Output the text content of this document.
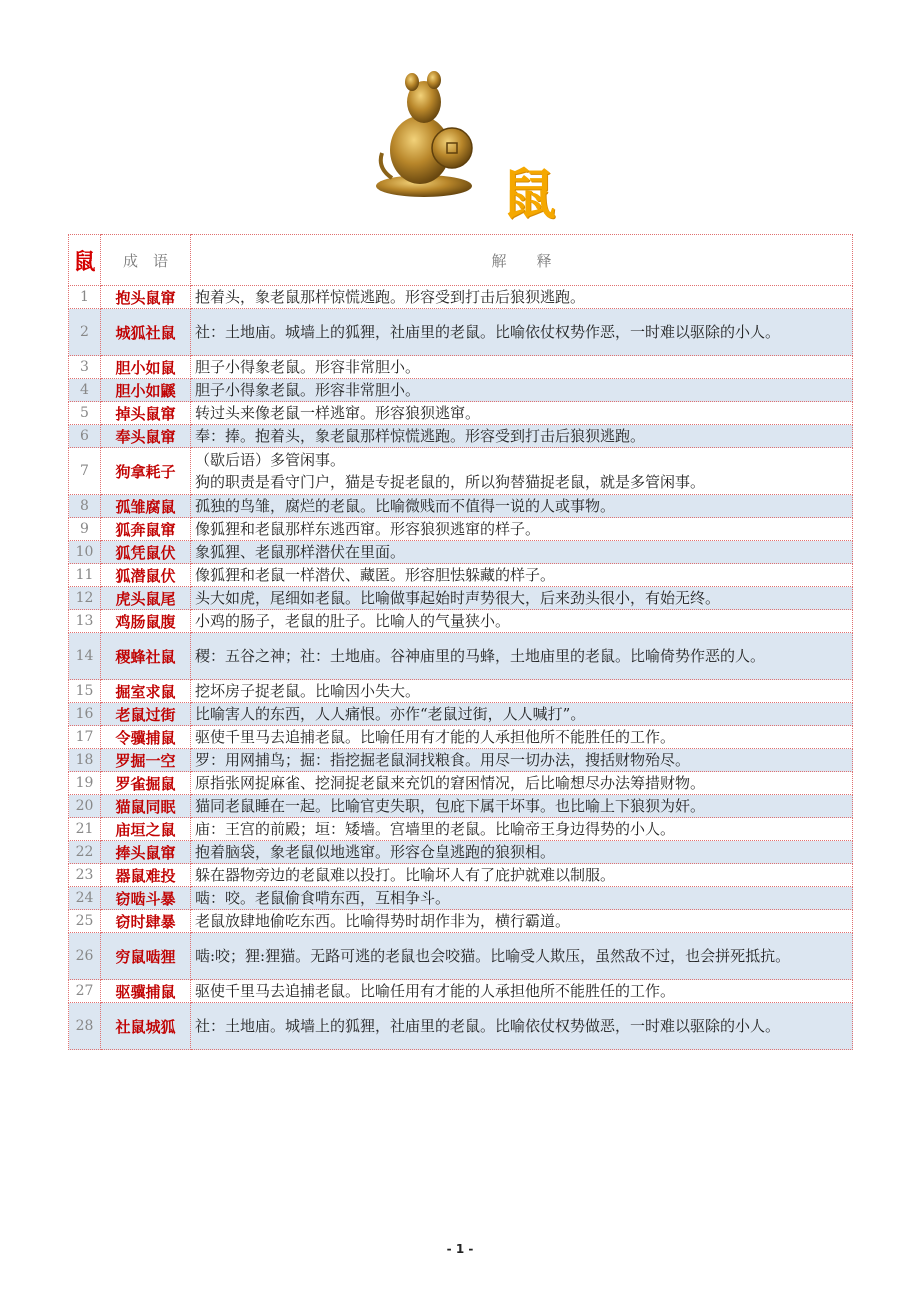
鼠
鼠	成　语	解　　释
1	抱头鼠窜	抱着头，象老鼠那样惊慌逃跑。形容受到打击后狼狈逃跑。
2	城狐社鼠	社：土地庙。城墙上的狐狸，社庙里的老鼠。比喻依仗权势作恶，一时难以驱除的小人。
3	胆小如鼠	胆子小得象老鼠。形容非常胆小。
4	胆小如鼷	胆子小得象老鼠。形容非常胆小。
5	掉头鼠窜	转过头来像老鼠一样逃窜。形容狼狈逃窜。
6	奉头鼠窜	奉：捧。抱着头，象老鼠那样惊慌逃跑。形容受到打击后狼狈逃跑。
7	狗拿耗子	（歇后语）多管闲事。
狗的职责是看守门户，猫是专捉老鼠的，所以狗替猫捉老鼠，就是多管闲事。
8	孤雏腐鼠	孤独的鸟雏，腐烂的老鼠。比喻微贱而不值得一说的人或事物。
9	狐奔鼠窜	像狐狸和老鼠那样东逃西窜。形容狼狈逃窜的样子。
10	狐凭鼠伏	象狐狸、老鼠那样潜伏在里面。
11	狐潜鼠伏	像狐狸和老鼠一样潜伏、藏匿。形容胆怯躲藏的样子。
12	虎头鼠尾	头大如虎，尾细如老鼠。比喻做事起始时声势很大，后来劲头很小，有始无终。
13	鸡肠鼠腹	小鸡的肠子，老鼠的肚子。比喻人的气量狭小。
14	稷蜂社鼠	稷：五谷之神；社：土地庙。谷神庙里的马蜂，土地庙里的老鼠。比喻倚势作恶的人。
15	掘室求鼠	挖坏房子捉老鼠。比喻因小失大。
16	老鼠过街	比喻害人的东西，人人痛恨。亦作“老鼠过街，人人喊打”。
17	令骥捕鼠	驱使千里马去追捕老鼠。比喻任用有才能的人承担他所不能胜任的工作。
18	罗掘一空	罗：用网捕鸟；掘：指挖掘老鼠洞找粮食。用尽一切办法，搜括财物殆尽。
19	罗雀掘鼠	原指张网捉麻雀、挖洞捉老鼠来充饥的窘困情况，后比喻想尽办法筹措财物。
20	猫鼠同眠	猫同老鼠睡在一起。比喻官吏失职，包庇下属干坏事。也比喻上下狼狈为奸。
21	庙垣之鼠	庙：王宫的前殿；垣：矮墙。宫墙里的老鼠。比喻帝王身边得势的小人。
22	捧头鼠窜	抱着脑袋，象老鼠似地逃窜。形容仓皇逃跑的狼狈相。
23	器鼠难投	躲在器物旁边的老鼠难以投打。比喻坏人有了庇护就难以制服。
24	窃啮斗暴	啮：咬。老鼠偷食啃东西，互相争斗。
25	窃时肆暴	老鼠放肆地偷吃东西。比喻得势时胡作非为，横行霸道。
26	穷鼠啮狸	啮:咬；狸:狸猫。无路可逃的老鼠也会咬猫。比喻受人欺压，虽然敌不过，也会拼死抵抗。
27	驱骥捕鼠	驱使千里马去追捕老鼠。比喻任用有才能的人承担他所不能胜任的工作。
28	社鼠城狐	社：土地庙。城墙上的狐狸，社庙里的老鼠。比喻依仗权势做恶，一时难以驱除的小人。
- 1 -
